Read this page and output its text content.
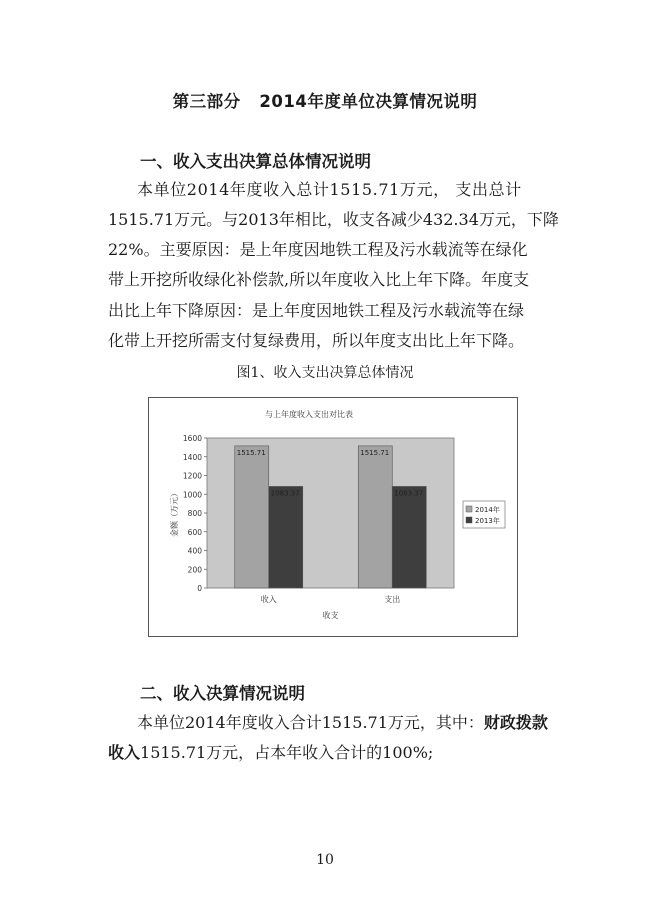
第三部分   2014年度单位决算情况说明
一、收入支出决算总体情况说明
本单位2014年度收入总计1515.71万元， 支出总计
1515.71万元。与2013年相比，收支各减少432.34万元，下降
22%。主要原因：是上年度因地铁工程及污水载流等在绿化
带上开挖所收绿化补偿款,所以年度收入比上年下降。年度支
出比上年下降原因：是上年度因地铁工程及污水载流等在绿
化带上开挖所需支付复绿费用，所以年度支出比上年下降。
图1、收入支出决算总体情况
与上年度收入支出对比表
0
200
400
600
800
1000
1200
1400
1600
金额（万元）
1515.71
1083.37
收入
1515.71
1083.37
支出
收支
2014年
2013年
二、收入决算情况说明
本单位2014年度收入合计1515.71万元，其中：财政拨款
收入1515.71万元，占本年收入合计的100%;
10
